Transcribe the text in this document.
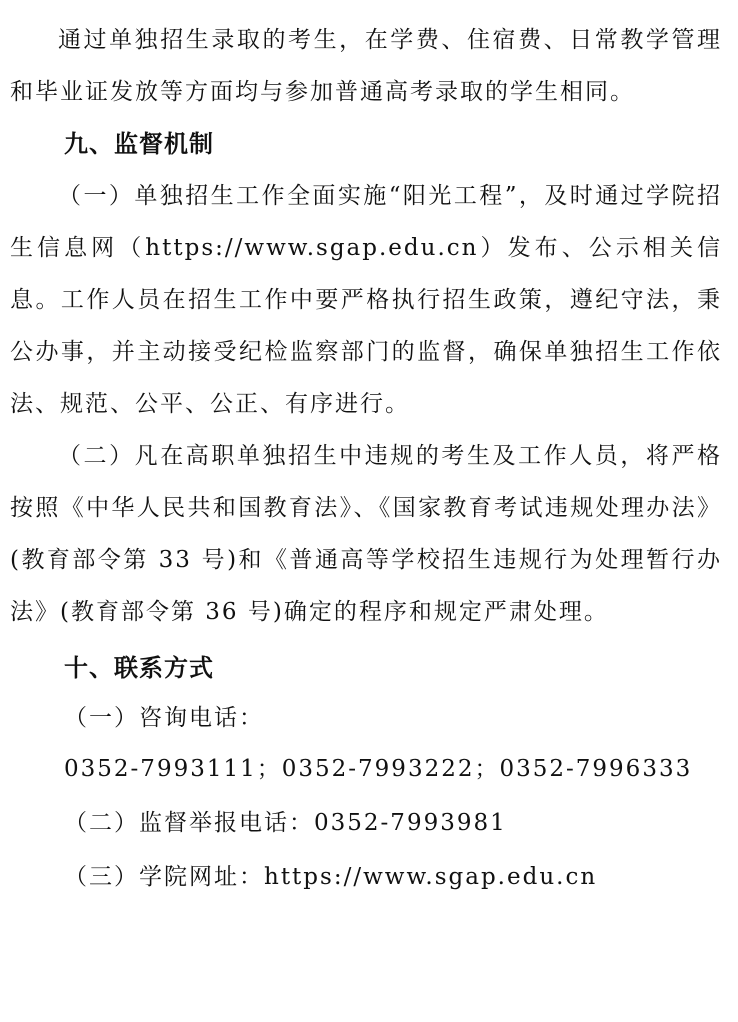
通过单独招生录取的考生，在学费、住宿费、日常教学管理和毕业证发放等方面均与参加普通高考录取的学生相同。

九、监督机制

（一）单独招生工作全面实施“阳光工程”，及时通过学院招生信息网（https://www.sgap.edu.cn）发布、公示相关信息。工作人员在招生工作中要严格执行招生政策，遵纪守法，秉公办事，并主动接受纪检监察部门的监督，确保单独招生工作依法、规范、公平、公正、有序进行。

（二）凡在高职单独招生中违规的考生及工作人员，将严格按照《中华人民共和国教育法》、《国家教育考试违规处理办法》(教育部令第 33 号)和《普通高等学校招生违规行为处理暂行办法》(教育部令第 36 号)确定的程序和规定严肃处理。

十、联系方式

（一）咨询电话：

0352-7993111；0352-7993222；0352-7996333

（二）监督举报电话：0352-7993981

（三）学院网址：https://www.sgap.edu.cn
